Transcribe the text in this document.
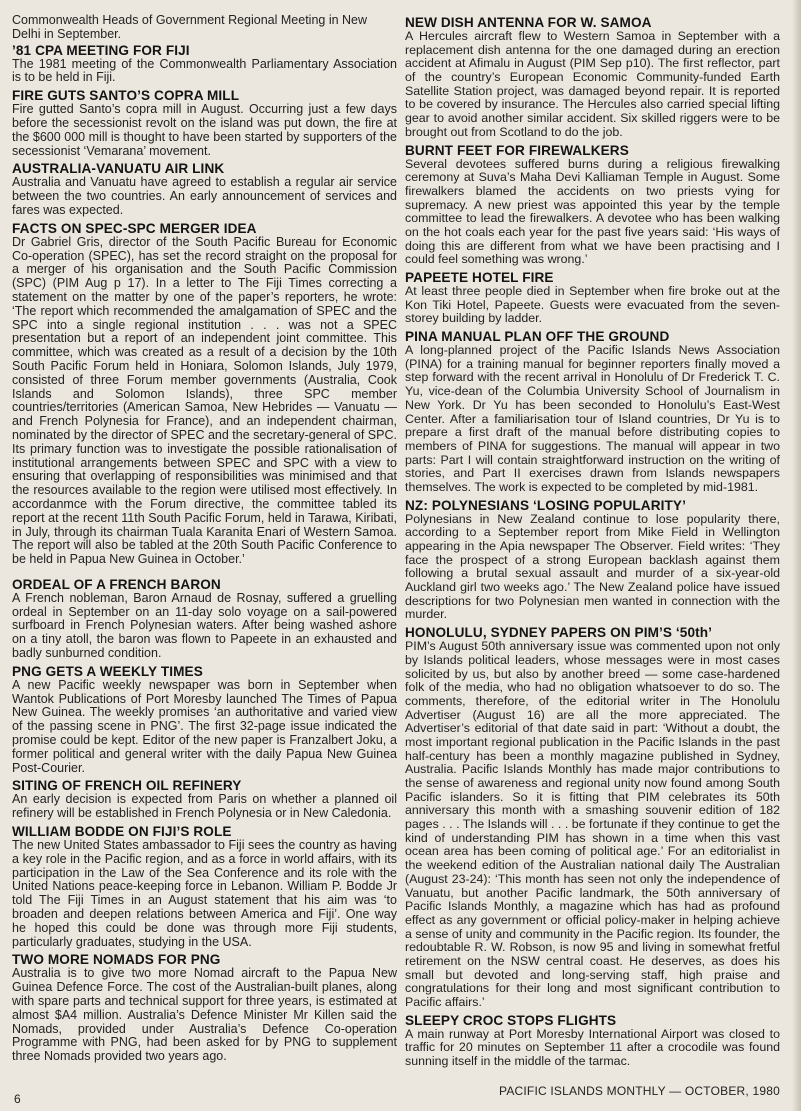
Commonwealth Heads of Government Regional Meeting in New Delhi in September.

’81 CPA MEETING FOR FIJI

The 1981 meeting of the Commonwealth Parliamentary Association is to be held in Fiji.

FIRE GUTS SANTO’S COPRA MILL

Fire gutted Santo’s copra mill in August. Occurring just a few days before the secessionist revolt on the island was put down, the fire at the $600 000 mill is thought to have been started by supporters of the secessionist ‘Vemarana’ movement.

AUSTRALIA-VANUATU AIR LINK

Australia and Vanuatu have agreed to establish a regular air service between the two countries. An early announcement of services and fares was expected.

FACTS ON SPEC-SPC MERGER IDEA

Dr Gabriel Gris, director of the South Pacific Bureau for Economic Co-operation (SPEC), has set the record straight on the proposal for a merger of his organisation and the South Pacific Commission (SPC) (PIM Aug p 17). In a letter to The Fiji Times correcting a statement on the matter by one of the paper’s reporters, he wrote: ‘The report which recommended the amalgamation of SPEC and the SPC into a single regional institution . . . was not a SPEC presentation but a report of an independent joint committee. This committee, which was created as a result of a decision by the 10th South Pacific Forum held in Honiara, Solomon Islands, July 1979, consisted of three Forum member governments (Australia, Cook Islands and Solomon Islands), three SPC member countries/territories (American Samoa, New Hebrides — Vanuatu — and French Polynesia for France), and an independent chairman, nominated by the director of SPEC and the secretary-general of SPC. Its primary function was to investigate the possible rationalisation of institutional arrangements between SPEC and SPC with a view to ensuring that overlapping of responsibilities was minimised and that the resources available to the region were utilised most effectively. In accordanmce with the Forum directive, the committee tabled its report at the recent 11th South Pacific Forum, held in Tarawa, Kiribati, in July, through its chairman Tuala Karanita Enari of Western Samoa. The report will also be tabled at the 20th South Pacific Conference to be held in Papua New Guinea in October.’

ORDEAL OF A FRENCH BARON

A French nobleman, Baron Arnaud de Rosnay, suffered a gruelling ordeal in September on an 11-day solo voyage on a sail-powered surfboard in French Polynesian waters. After being washed ashore on a tiny atoll, the baron was flown to Papeete in an exhausted and badly sunburned condition.

PNG GETS A WEEKLY TIMES

A new Pacific weekly newspaper was born in September when Wantok Publications of Port Moresby launched The Times of Papua New Guinea. The weekly promises ‘an authoritative and varied view of the passing scene in PNG’. The first 32-page issue indicated the promise could be kept. Editor of the new paper is Franzalbert Joku, a former political and general writer with the daily Papua New Guinea Post-Courier.

SITING OF FRENCH OIL REFINERY

An early decision is expected from Paris on whether a planned oil refinery will be established in French Polynesia or in New Caledonia.

WILLIAM BODDE ON FIJI’S ROLE

The new United States ambassador to Fiji sees the country as having a key role in the Pacific region, and as a force in world affairs, with its participation in the Law of the Sea Conference and its role with the United Nations peace-keeping force in Lebanon. William P. Bodde Jr told The Fiji Times in an August statement that his aim was ‘to broaden and deepen relations between America and Fiji’. One way he hoped this could be done was through more Fiji students, particularly graduates, studying in the USA.

TWO MORE NOMADS FOR PNG

Australia is to give two more Nomad aircraft to the Papua New Guinea Defence Force. The cost of the Australian-built planes, along with spare parts and technical support for three years, is estimated at almost $A4 million. Australia’s Defence Minister Mr Killen said the Nomads, provided under Australia’s Defence Co-operation Programme with PNG, had been asked for by PNG to supplement three Nomads provided two years ago.

NEW DISH ANTENNA FOR W. SAMOA

A Hercules aircraft flew to Western Samoa in September with a replacement dish antenna for the one damaged during an erection accident at Afimalu in August (PIM Sep p10). The first reflector, part of the country’s European Economic Community-funded Earth Satellite Station project, was damaged beyond repair. It is reported to be covered by insurance. The Hercules also carried special lifting gear to avoid another similar accident. Six skilled riggers were to be brought out from Scotland to do the job.

BURNT FEET FOR FIREWALKERS

Several devotees suffered burns during a religious firewalking ceremony at Suva’s Maha Devi Kalliaman Temple in August. Some firewalkers blamed the accidents on two priests vying for supremacy. A new priest was appointed this year by the temple committee to lead the firewalkers. A devotee who has been walking on the hot coals each year for the past five years said: ‘His ways of doing this are different from what we have been practising and I could feel something was wrong.’

PAPEETE HOTEL FIRE

At least three people died in September when fire broke out at the Kon Tiki Hotel, Papeete. Guests were evacuated from the seven-storey building by ladder.

PINA MANUAL PLAN OFF THE GROUND

A long-planned project of the Pacific Islands News Association (PINA) for a training manual for beginner reporters finally moved a step forward with the recent arrival in Honolulu of Dr Frederick T. C. Yu, vice-dean of the Columbia University School of Journalism in New York. Dr Yu has been seconded to Honolulu’s East-West Center. After a familiarisation tour of Island countries, Dr Yu is to prepare a first draft of the manual before distributing copies to members of PINA for suggestions. The manual will appear in two parts: Part I will contain straightforward instruction on the writing of stories, and Part II exercises drawn from Islands newspapers themselves. The work is expected to be completed by mid-1981.

NZ: POLYNESIANS ‘LOSING POPULARITY’

Polynesians in New Zealand continue to lose popularity there, according to a September report from Mike Field in Wellington appearing in the Apia newspaper The Observer. Field writes: ‘They face the prospect of a strong European backlash against them following a brutal sexual assault and murder of a six-year-old Auckland girl two weeks ago.’ The New Zealand police have issued descriptions for two Polynesian men wanted in connection with the murder.

HONOLULU, SYDNEY PAPERS ON PIM’S ‘50th’

PIM’s August 50th anniversary issue was commented upon not only by Islands political leaders, whose messages were in most cases solicited by us, but also by another breed — some case-hardened folk of the media, who had no obligation whatsoever to do so. The comments, therefore, of the editorial writer in The Honolulu Advertiser (August 16) are all the more appreciated. The Advertiser’s editorial of that date said in part: ‘Without a doubt, the most important regional publication in the Pacific Islands in the past half-century has been a monthly magazine published in Sydney, Australia. Pacific Islands Monthly has made major contributions to the sense of awareness and regional unity now found among South Pacific islanders. So it is fitting that PIM celebrates its 50th anniversary this month with a smashing souvenir edition of 182 pages . . . The Islands will . . . be fortunate if they continue to get the kind of understanding PIM has shown in a time when this vast ocean area has been coming of political age.’ For an editorialist in the weekend edition of the Australian national daily The Australian (August 23-24): ‘This month has seen not only the independence of Vanuatu, but another Pacific landmark, the 50th anniversary of Pacific Islands Monthly, a magazine which has had as profound effect as any government or official policy-maker in helping achieve a sense of unity and community in the Pacific region. Its founder, the redoubtable R. W. Robson, is now 95 and living in somewhat fretful retirement on the NSW central coast. He deserves, as does his small but devoted and long-serving staff, high praise and congratulations for their long and most significant contribution to Pacific affairs.’

SLEEPY CROC STOPS FLIGHTS

A main runway at Port Moresby International Airport was closed to traffic for 20 minutes on September 11 after a crocodile was found sunning itself in the middle of the tarmac.

6
PACIFIC ISLANDS MONTHLY — OCTOBER, 1980
